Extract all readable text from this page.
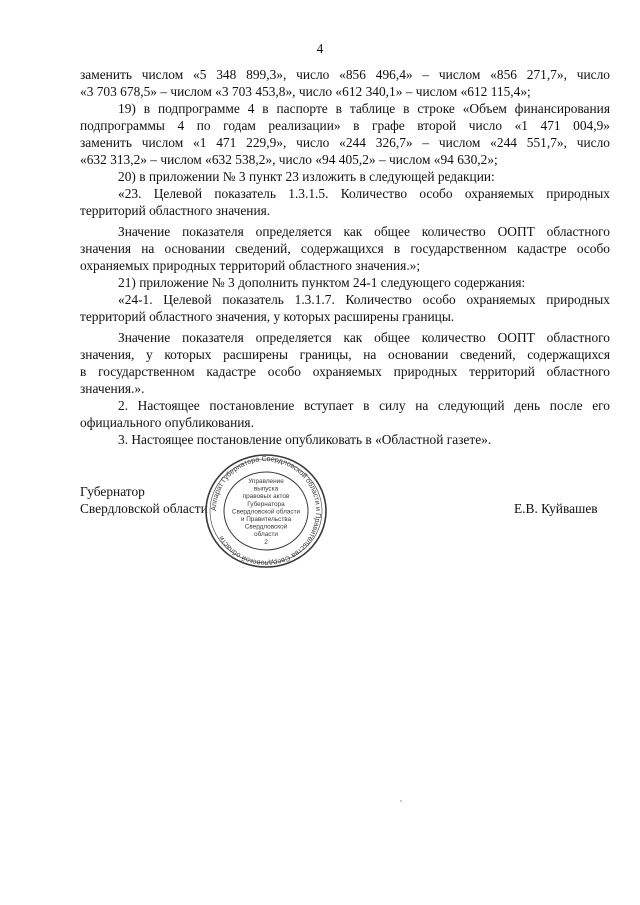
4
заменить числом «5 348 899,3», число «856 496,4» – числом «856 271,7», число
«3 703 678,5» – числом «3 703 453,8», число «612 340,1» – числом «612 115,4»;
19) в подпрограмме 4 в паспорте в таблице в строке «Объем финансирования
подпрограммы 4 по годам реализации» в графе второй число «1 471 004,9»
заменить числом «1 471 229,9», число «244 326,7» – числом «244 551,7», число
«632 313,2» – числом «632 538,2», число «94 405,2» – числом «94 630,2»;
20) в приложении № 3 пункт 23 изложить в следующей редакции:
«23. Целевой показатель 1.3.1.5. Количество особо охраняемых природных
территорий областного значения.
Значение показателя определяется как общее количество ООПТ областного
значения на основании сведений, содержащихся в государственном кадастре особо
охраняемых природных территорий областного значения.»;
21) приложение № 3 дополнить пунктом 24-1 следующего содержания:
«24-1. Целевой показатель 1.3.1.7. Количество особо охраняемых природных
территорий областного значения, у которых расширены границы.
Значение показателя определяется как общее количество ООПТ областного
значения, у которых расширены границы, на основании сведений, содержащихся
в государственном кадастре особо охраняемых природных территорий областного
значения.».
2. Настоящее постановление вступает в силу на следующий день после его
официального опубликования.
3. Настоящее постановление опубликовать в «Областной газете».
Губернатор
Свердловской области	Е.В. Куйвашев
Аппарат Губернатора Свердловской области и Правительства Свердловской области
Управление
выпуска
правовых актов
Губернатора
Свердловской области
и Правительства
Свердловской
области
2
